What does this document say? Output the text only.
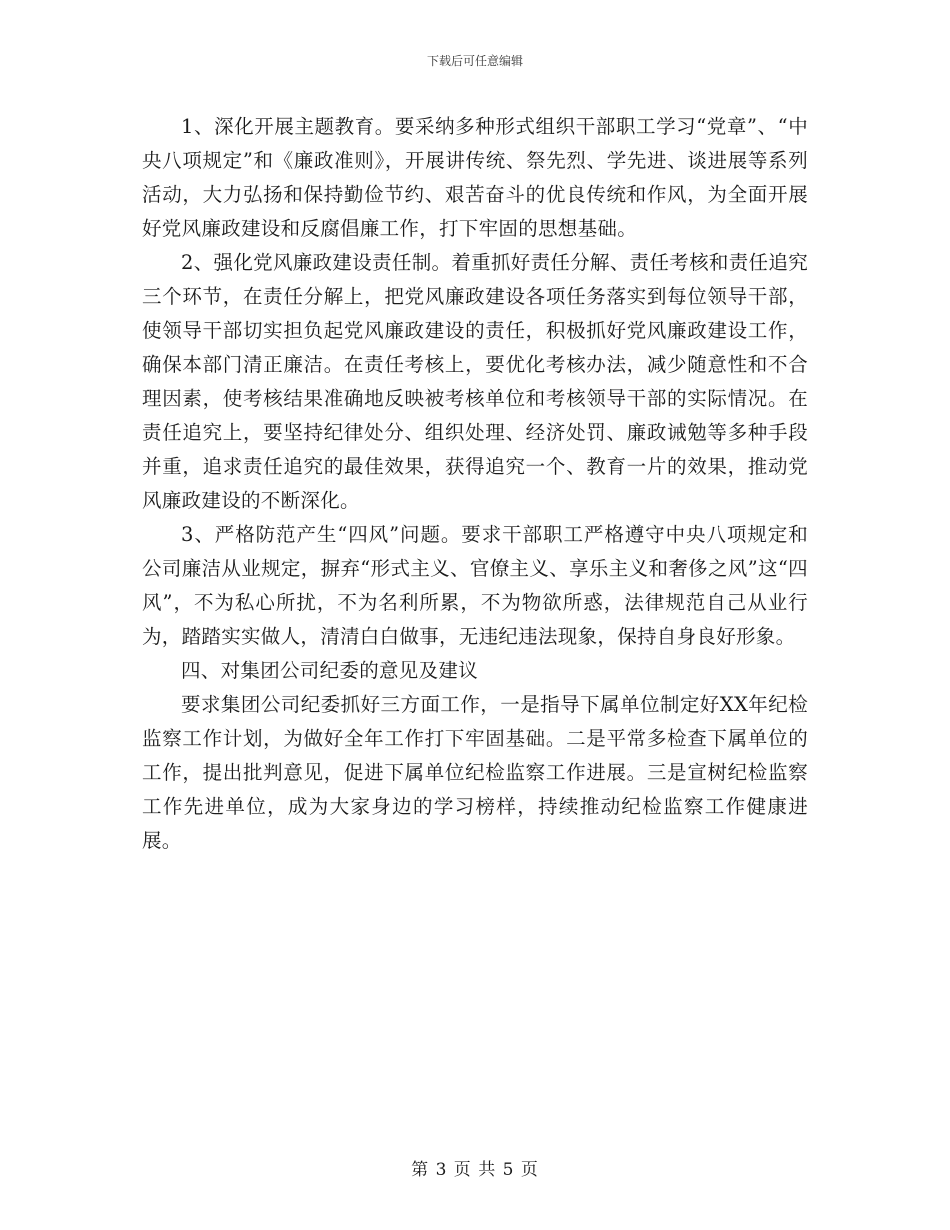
下载后可任意编辑

1、深化开展主题教育。要采纳多种形式组织干部职工学习“党章”、“中央八项规定”和《廉政准则》，开展讲传统、祭先烈、学先进、谈进展等系列活动，大力弘扬和保持勤俭节约、艰苦奋斗的优良传统和作风，为全面开展好党风廉政建设和反腐倡廉工作，打下牢固的思想基础。

2、强化党风廉政建设责任制。着重抓好责任分解、责任考核和责任追究三个环节，在责任分解上，把党风廉政建设各项任务落实到每位领导干部，使领导干部切实担负起党风廉政建设的责任，积极抓好党风廉政建设工作，确保本部门清正廉洁。在责任考核上，要优化考核办法，减少随意性和不合理因素，使考核结果准确地反映被考核单位和考核领导干部的实际情况。在责任追究上，要坚持纪律处分、组织处理、经济处罚、廉政诫勉等多种手段并重，追求责任追究的最佳效果，获得追究一个、教育一片的效果，推动党风廉政建设的不断深化。

3、严格防范产生“四风”问题。要求干部职工严格遵守中央八项规定和公司廉洁从业规定，摒弃“形式主义、官僚主义、享乐主义和奢侈之风”这“四风”，不为私心所扰，不为名利所累，不为物欲所惑，法律规范自己从业行为，踏踏实实做人，清清白白做事，无违纪违法现象，保持自身良好形象。

四、对集团公司纪委的意见及建议

要求集团公司纪委抓好三方面工作，一是指导下属单位制定好XX年纪检监察工作计划，为做好全年工作打下牢固基础。二是平常多检查下属单位的工作，提出批判意见，促进下属单位纪检监察工作进展。三是宣树纪检监察工作先进单位，成为大家身边的学习榜样，持续推动纪检监察工作健康进展。

第 3 页 共 5 页
